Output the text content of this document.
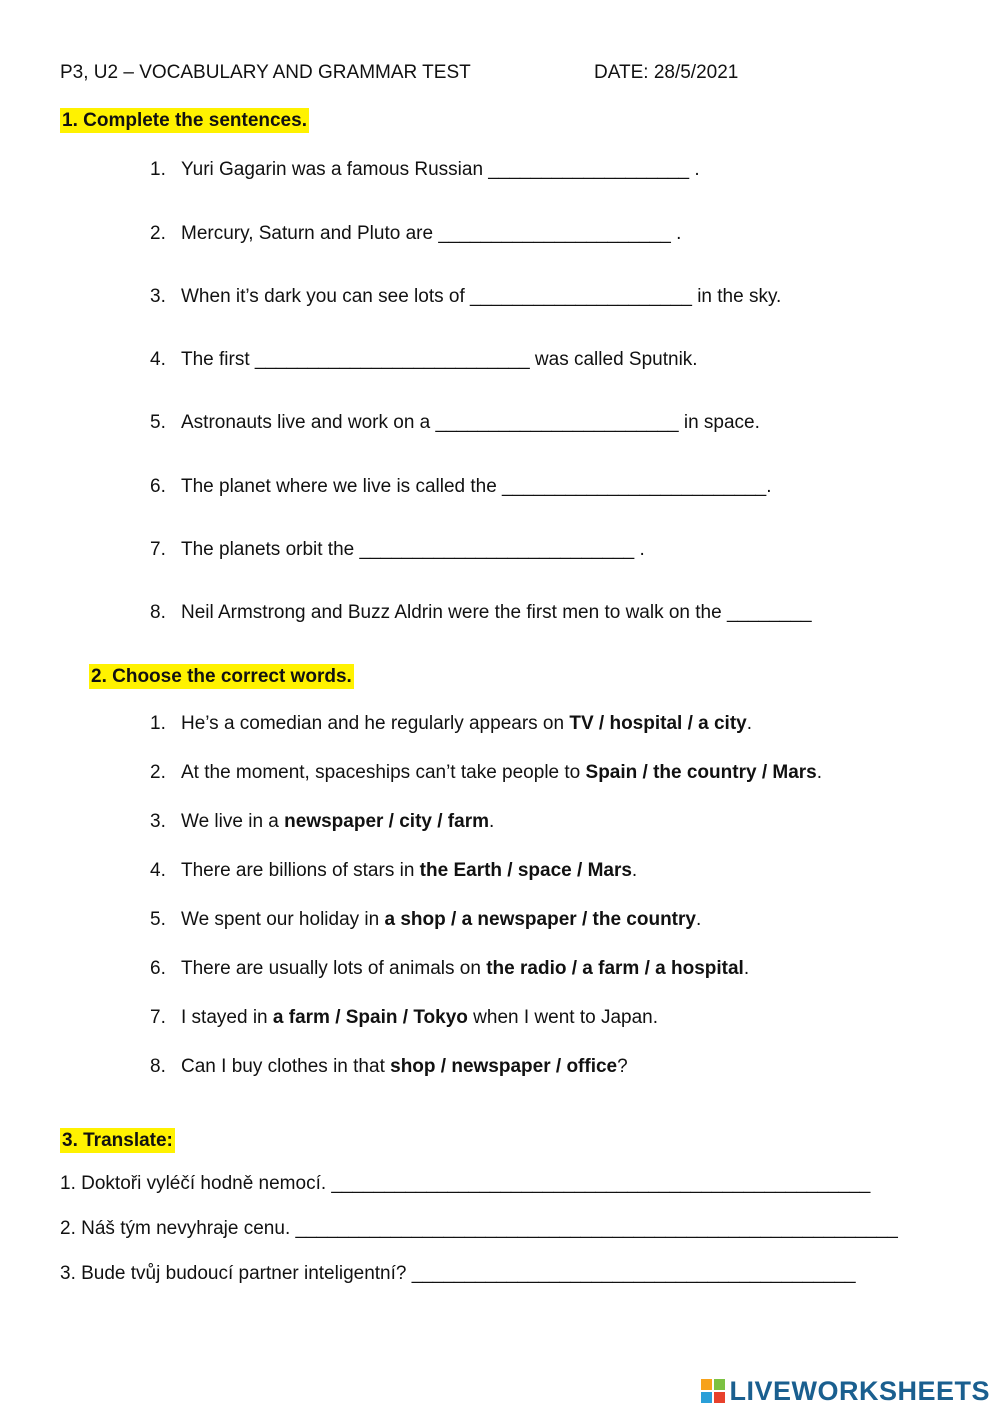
P3, U2 – VOCABULARY AND GRAMMAR TEST	DATE: 28/5/2021
1. Complete the sentences.
1. Yuri Gagarin was a famous Russian ___________________ .
2. Mercury, Saturn and Pluto are ______________________ .
3. When it’s dark you can see lots of _____________________ in the sky.
4. The first __________________________ was called Sputnik.
5. Astronauts live and work on a _______________________ in space.
6. The planet where we live is called the _________________________.
7. The planets orbit the __________________________ .
8. Neil Armstrong and Buzz Aldrin were the first men to walk on the ________
2. Choose the correct words.
1. He’s a comedian and he regularly appears on TV / hospital / a city.
2. At the moment, spaceships can’t take people to Spain / the country / Mars.
3. We live in a newspaper / city / farm.
4. There are billions of stars in the Earth / space / Mars.
5. We spent our holiday in a shop / a newspaper / the country.
6. There are usually lots of animals on the radio / a farm / a hospital.
7. I stayed in a farm / Spain / Tokyo when I went to Japan.
8. Can I buy clothes in that shop / newspaper / office?
3. Translate:
1. Doktoři vyléčí hodně nemocí. ___________________________________________________
2. Náš tým nevyhraje cenu. _________________________________________________________
3. Bude tvůj budoucí partner inteligentní? __________________________________________
LIVEWORKSHEETS
